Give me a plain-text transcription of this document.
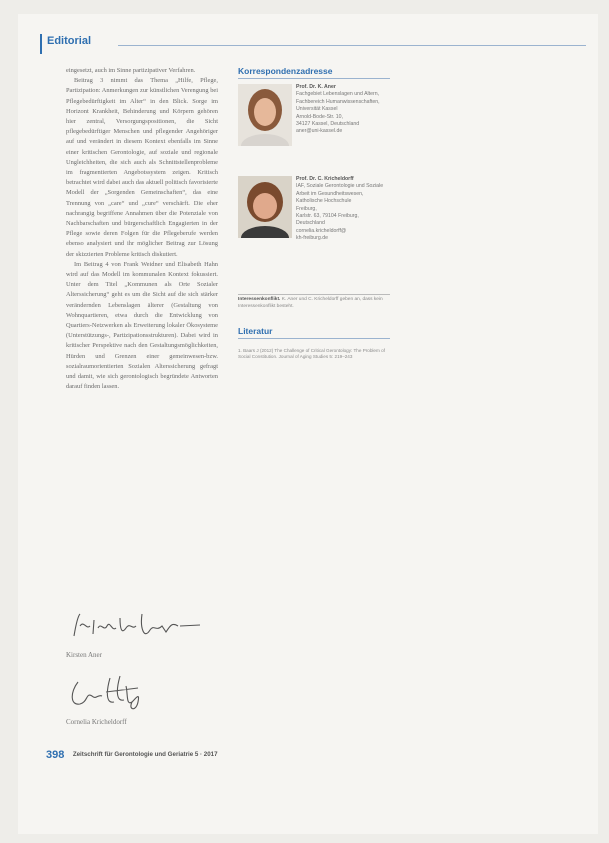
Editorial

eingesetzt, auch im Sinne partizipativer Verfahren.

Beitrag 3 nimmt das Thema „Hilfe, Pflege, Partizipation: Anmerkungen zur künstlichen Verengung bei Pflegebedürftigkeit im Alter“ in den Blick. Sorge im Horizont Krankheit, Behinderung und Körpern gehören hier zentral, Versorgungspositionen, die Sicht pflegebedürftiger Menschen und pflegender Angehöriger auf und verändert in diesem Kontext ebenfalls im Sinne einer kritischen Gerontologie, auf soziale und regionale Ungleichheiten, die sich auch als Schnittstellenprobleme im fragmentierten Angebotssystem zeigen. Kritisch betrachtet wird dabei auch das aktuell politisch favorisierte Modell der „Sorgenden Gemeinschaften“, das eine Trennung von „care“ und „cure“ verschärft. Die eher nachrangig begriffene Annahmen über die Potenziale von Nachbarschaften und bürgerschaftlich Engagierten in der Pflege sowie deren Folgen für die Pflegeberufe werden ebenso analysiert und ihr möglicher Beitrag zur Lösung der skizzierten Probleme kritisch diskutiert.

Im Beitrag 4 von Frank Weidner und Elisabeth Hahn wird auf das Modell im kommunalen Kontext fokussiert. Unter dem Titel „Kommunen als Orte Sozialer Alterssicherung“ geht es um die Sicht auf die sich stärker verändernden Lebenslagen älterer (Gestaltung von Wohnquartieren, etwa durch die Entwicklung von Quartiers-Netzwerken als Erweiterung lokaler Ökosysteme (Unterstützungs-, Partizipationsstrukturen). Dabei wird in kritischer Perspektive nach den Gestaltungsmöglichkeiten, Hürden und Grenzen einer gemeinwesen-bzw. sozialraumorientierten Sozialen Alterssicherung gefragt und damit, wie sich gerontologisch begründete Antworten darauf finden lassen.

Kirsten Aner
Cornelia Kricheldorff
Korrespondenzadresse
Prof. Dr. K. Aner
Fachgebiet Lebenslagen und Altern, Fachbereich Humanwissenschaften,
Universität Kassel
Arnold-Bode-Str. 10,
34127 Kassel, Deutschland
aner@uni-kassel.de
Prof. Dr. C. Kricheldorff
IAF, Soziale Gerontologie und Soziale Arbeit im Gesundheitswesen,
Katholische Hochschule
Freiburg,
Karlstr. 63, 79104 Freiburg,
Deutschland
cornelia.kricheldorff@
kh-freiburg.de
Interessenkonflikt. K. Aner und C. Kricheldorff geben an, dass kein Interessenkonflikt besteht.
Literatur
1. Baars J (2012) The Challenge of Critical Gerontology: The Problem of Social Constitution. Journal of Aging Studies 5: 219–243
398 Zeitschrift für Gerontologie und Geriatrie 5 · 2017
